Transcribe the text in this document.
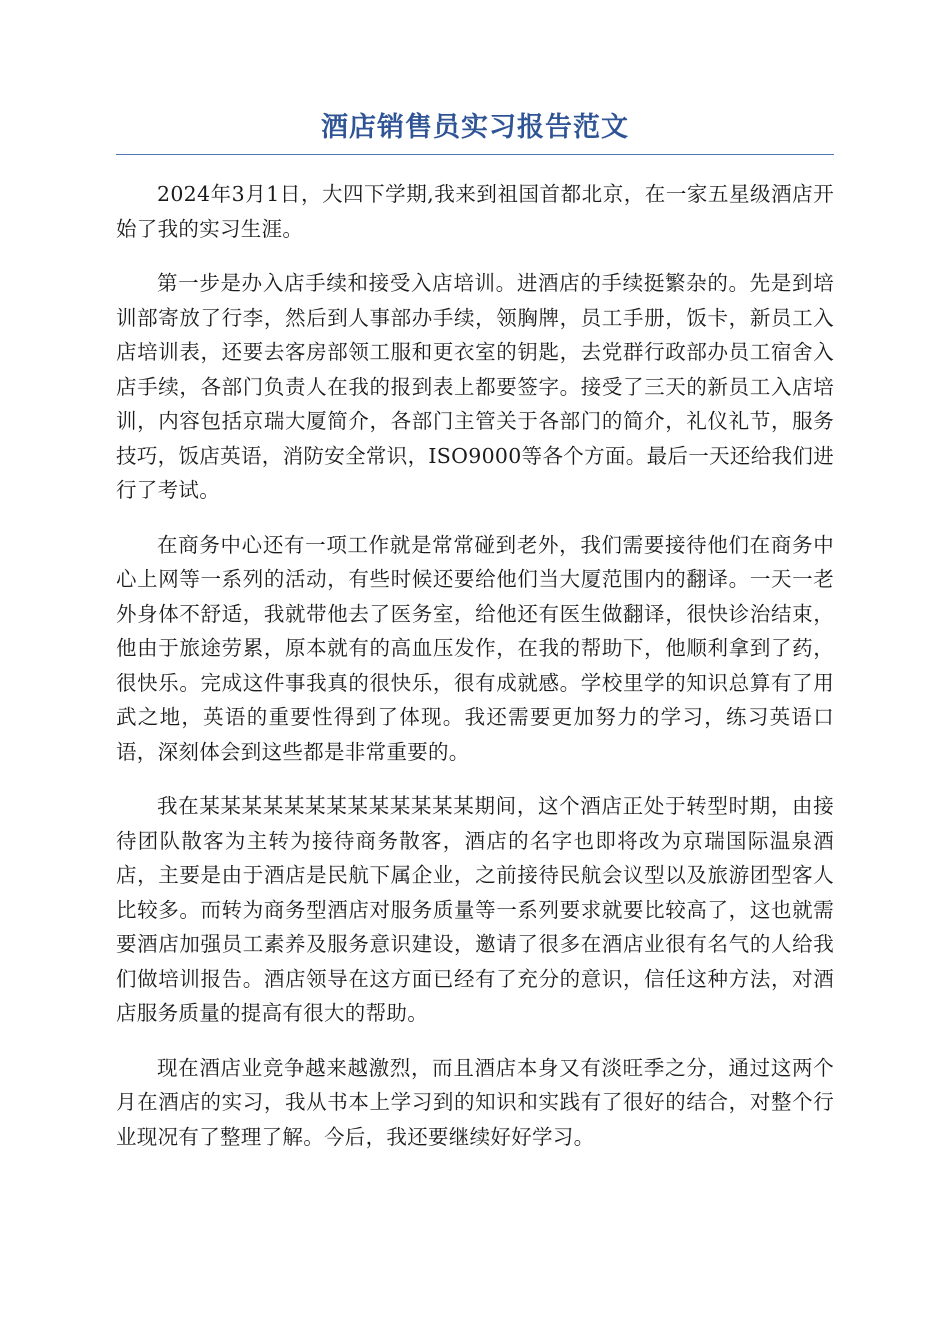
酒店销售员实习报告范文

2024年3月1日，大四下学期,我来到祖国首都北京，在一家五星级酒店开始了我的实习生涯。

第一步是办入店手续和接受入店培训。进酒店的手续挺繁杂的。先是到培训部寄放了行李，然后到人事部办手续，领胸牌，员工手册，饭卡，新员工入店培训表，还要去客房部领工服和更衣室的钥匙，去党群行政部办员工宿舍入店手续，各部门负责人在我的报到表上都要签字。接受了三天的新员工入店培训，内容包括京瑞大厦简介，各部门主管关于各部门的简介，礼仪礼节，服务技巧，饭店英语，消防安全常识，ISO9000等各个方面。最后一天还给我们进行了考试。

在商务中心还有一项工作就是常常碰到老外，我们需要接待他们在商务中心上网等一系列的活动，有些时候还要给他们当大厦范围内的翻译。一天一老外身体不舒适，我就带他去了医务室，给他还有医生做翻译，很快诊治结束，他由于旅途劳累，原本就有的高血压发作，在我的帮助下，他顺利拿到了药，很快乐。完成这件事我真的很快乐，很有成就感。学校里学的知识总算有了用武之地，英语的重要性得到了体现。我还需要更加努力的学习，练习英语口语，深刻体会到这些都是非常重要的。

我在某某某某某某某某某某某某某期间，这个酒店正处于转型时期，由接待团队散客为主转为接待商务散客，酒店的名字也即将改为京瑞国际温泉酒店，主要是由于酒店是民航下属企业，之前接待民航会议型以及旅游团型客人比较多。而转为商务型酒店对服务质量等一系列要求就要比较高了，这也就需要酒店加强员工素养及服务意识建设，邀请了很多在酒店业很有名气的人给我们做培训报告。酒店领导在这方面已经有了充分的意识，信任这种方法，对酒店服务质量的提高有很大的帮助。

现在酒店业竞争越来越激烈，而且酒店本身又有淡旺季之分，通过这两个月在酒店的实习，我从书本上学习到的知识和实践有了很好的结合，对整个行业现况有了整理了解。今后，我还要继续好好学习。
